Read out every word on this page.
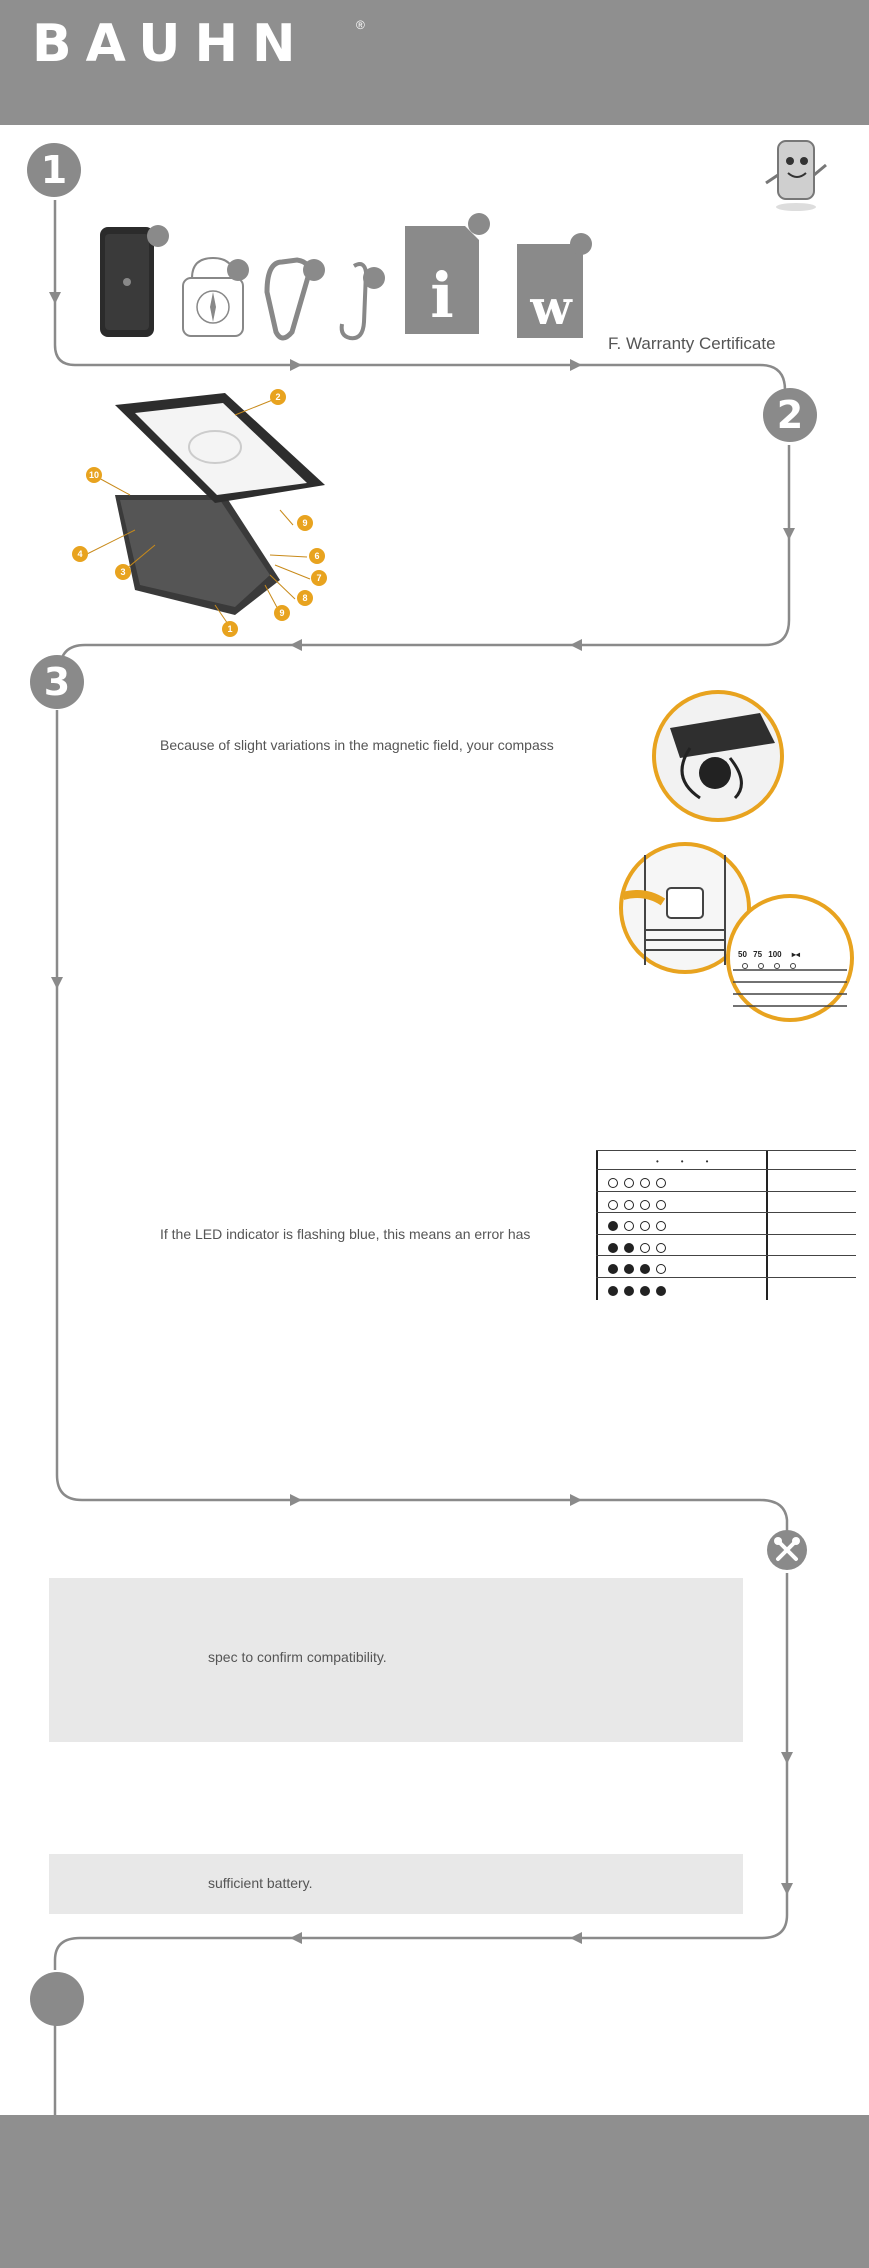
BAUHN	®
1
2
3
i w
F. Warranty Certificate
2
10
9
4
3
6
7
8
9
1
Because of slight variations in the magnetic field, your compass
50 75 100 ▸◂
If the LED indicator is flashing blue, this means an error has
•••
spec to confirm compatibility.
sufficient battery.
